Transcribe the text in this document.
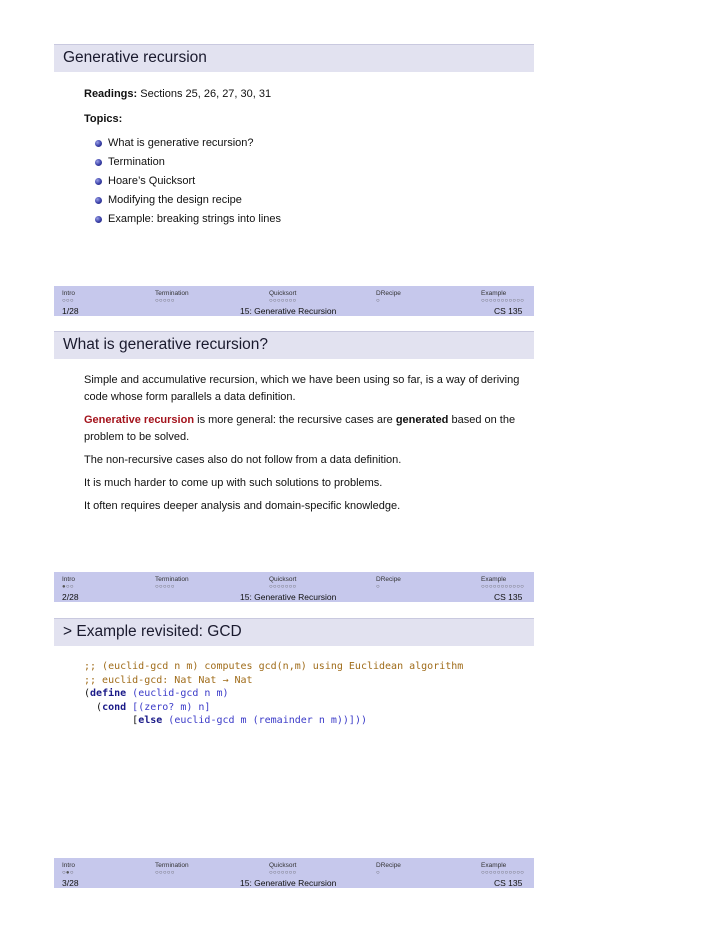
Generative recursion
Readings: Sections 25, 26, 27, 30, 31
Topics:
What is generative recursion?
Termination
Hoare’s Quicksort
Modifying the design recipe
Example: breaking strings into lines
Intro	Termination	Quicksort	DRecipe	Example
○○○	○○○○○	○○○○○○○	○	○○○○○○○○○○○
1/28	15: Generative Recursion	CS 135
What is generative recursion?
Simple and accumulative recursion, which we have been using so far, is a way of deriving code whose form parallels a data definition.
Generative recursion is more general: the recursive cases are generated based on the problem to be solved.
The non-recursive cases also do not follow from a data definition.
It is much harder to come up with such solutions to problems.
It often requires deeper analysis and domain-specific knowledge.
Intro	Termination	Quicksort	DRecipe	Example
●○○	○○○○○	○○○○○○○	○	○○○○○○○○○○○
2/28	15: Generative Recursion	CS 135
> Example revisited: GCD
;; (euclid-gcd n m) computes gcd(n,m) using Euclidean algorithm
;; euclid-gcd: Nat Nat → Nat
(define (euclid-gcd n m)
(cond [(zero? m) n]
[else (euclid-gcd m (remainder n m))]))
Intro	Termination	Quicksort	DRecipe	Example
○●○	○○○○○	○○○○○○○	○	○○○○○○○○○○○
3/28	15: Generative Recursion	CS 135
